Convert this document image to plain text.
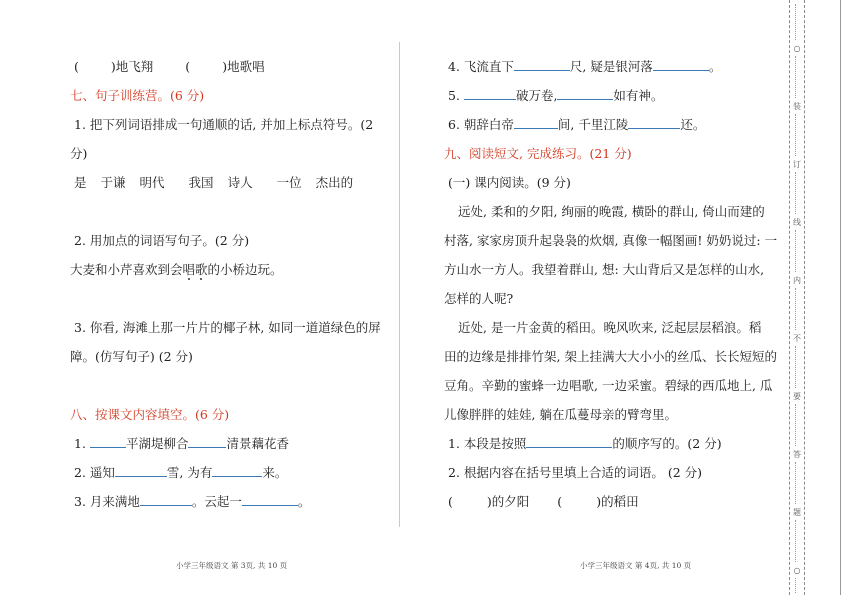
(	)地飞翔	(	)地歌唱
七、句子训练营。(6 分)
1. 把下列词语排成一句通顺的话, 并加上标点符号。(2
分)
是 于谦 明代 我国 诗人 一位 杰出的
2. 用加点的词语写句子。(2 分)
大麦和小芹喜欢到会唱歌的小桥边玩。
3. 你看, 海滩上那一片片的椰子林, 如同一道道绿色的屏
障。(仿写句子) (2 分)
八、按课文内容填空。(6 分)
1.	平湖堤柳合	清景藕花香
2. 遥知	雪, 为有	来。
3. 月来满地	。云起一	。
4. 飞流直下	尺, 疑是银河落	。
5.	破万卷,	如有神。
6. 朝辞白帝	间, 千里江陵	还。
九、阅读短文, 完成练习。(21 分)
(一) 课内阅读。(9 分)
远处, 柔和的夕阳, 绚丽的晚霞, 横卧的群山, 倚山而建的
村落, 家家房顶升起袅袅的炊烟, 真像一幅图画! 奶奶说过: 一
方山水一方人。我望着群山, 想: 大山背后又是怎样的山水,
怎样的人呢?
近处, 是一片金黄的稻田。晚风吹来, 泛起层层稻浪。稻
田的边缘是排排竹架, 架上挂满大大小小的丝瓜、长长短短的
豆角。辛勤的蜜蜂一边唱歌, 一边采蜜。碧绿的西瓜地上, 瓜
儿像胖胖的娃娃, 躺在瓜蔓母亲的臂弯里。
1. 本段是按照	的顺序写的。(2 分)
2. 根据内容在括号里填上合适的词语。 (2 分)
(	)的夕阳 (	)的稻田
小学三年级语文 第 3页, 共 10 页	小学三年级语文 第 4页, 共 10 页
○
装
订
线
内
不
要
答
题
○
